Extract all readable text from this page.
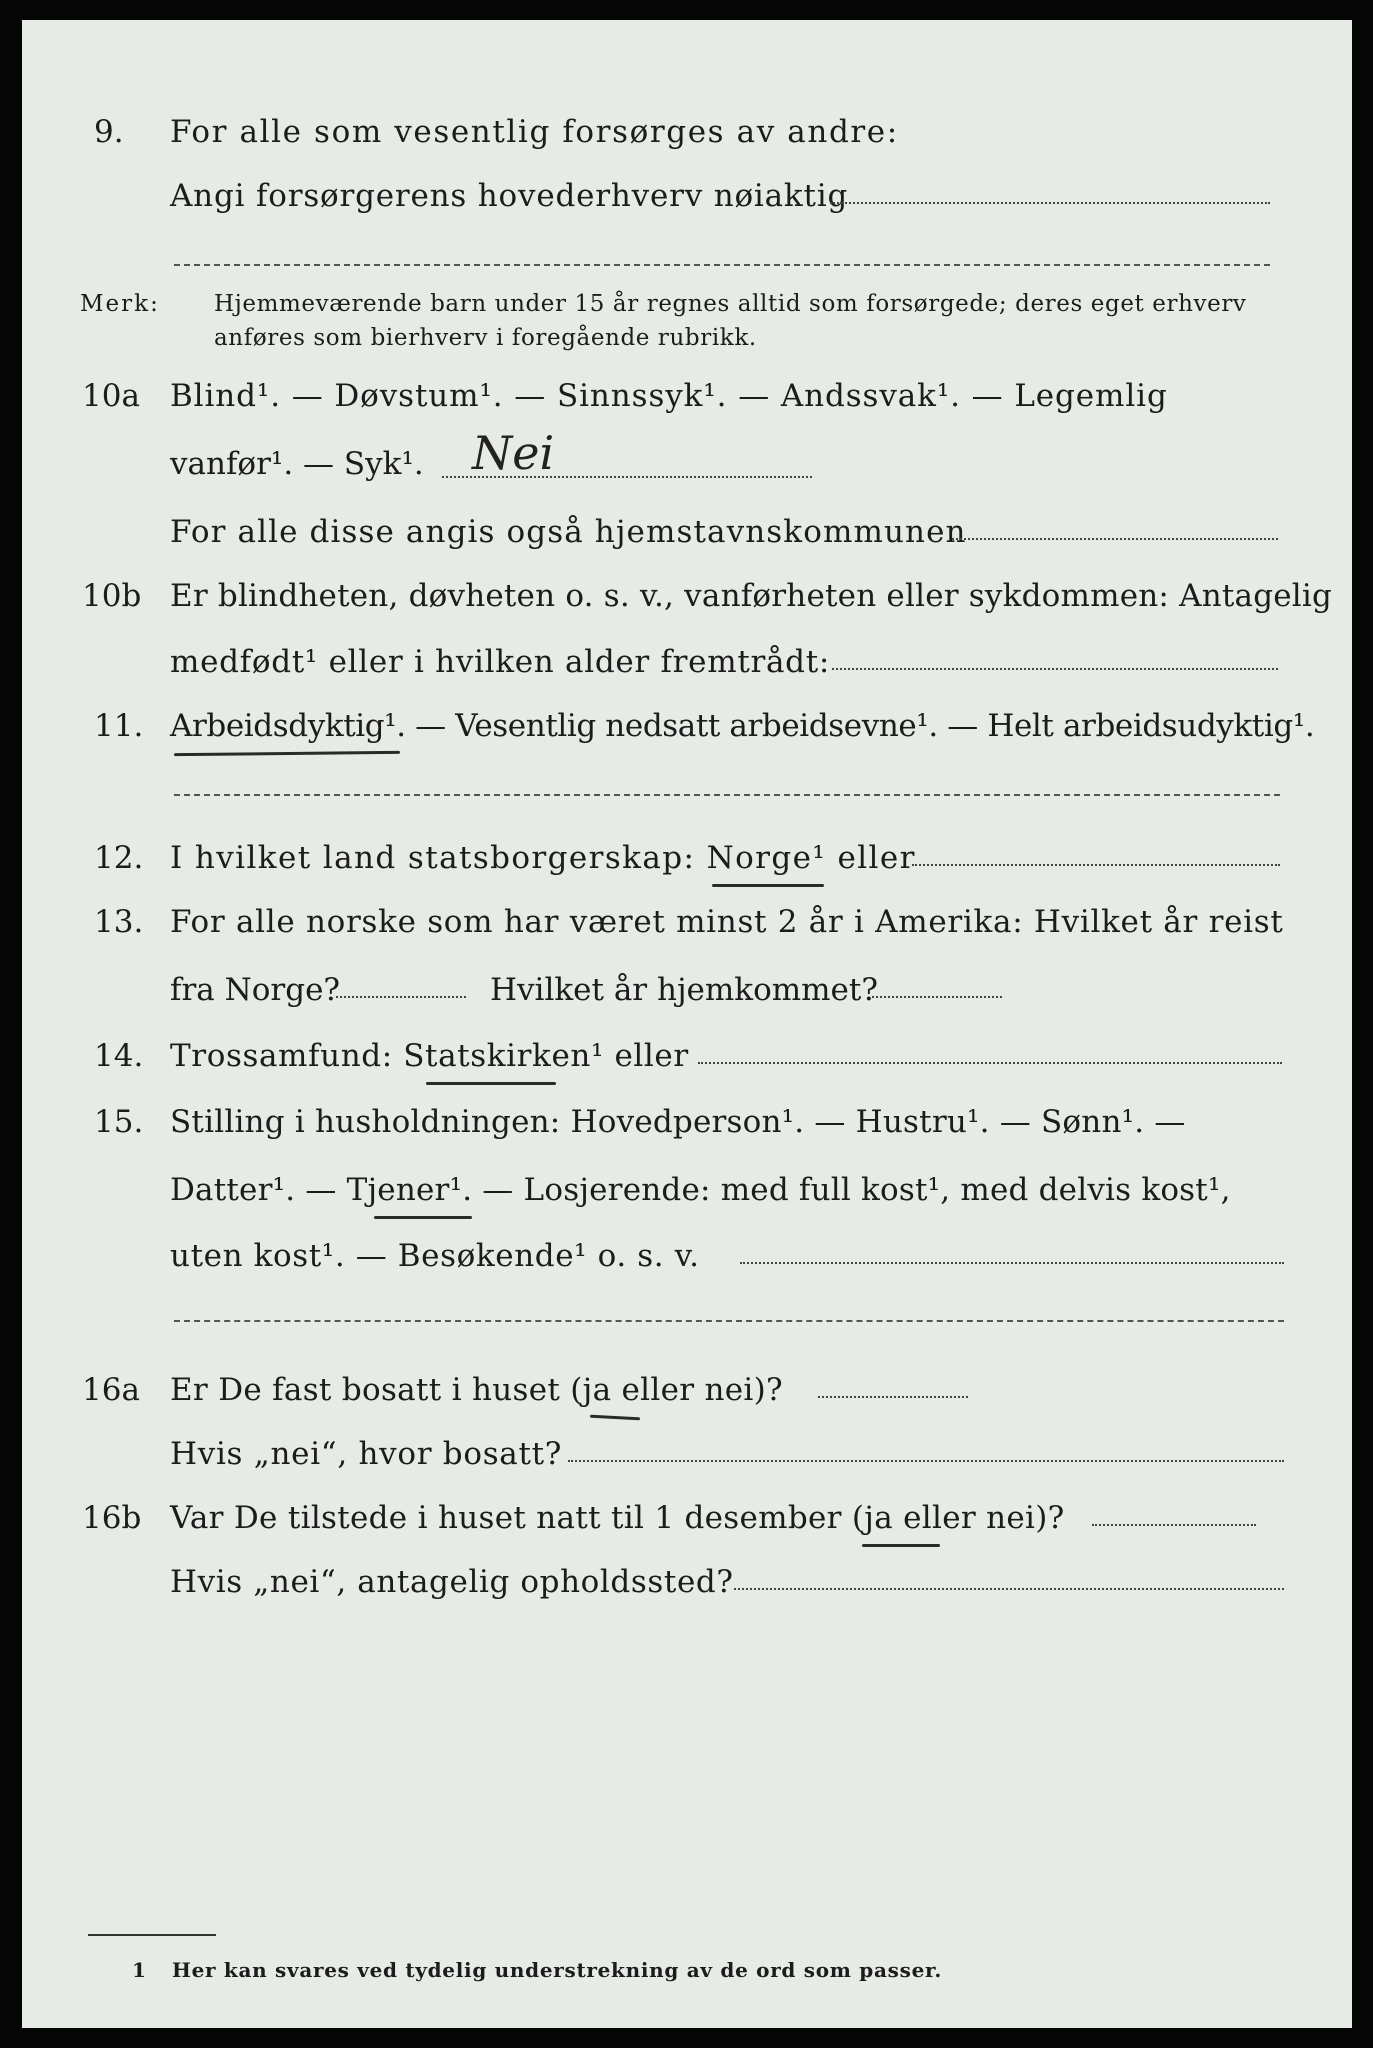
9. For alle som vesentlig forsørges av andre:
Angi forsørgerens hovederhverv nøiaktig
Merk: Hjemmeværende barn under 15 år regnes alltid som forsørgede; deres eget erhverv
anføres som bierhverv i foregående rubrikk.
10a Blind¹. — Døvstum¹. — Sinnssyk¹. — Andssvak¹. — Legemlig
vanfør¹. — Syk¹. Nei
For alle disse angis også hjemstavnskommunen
10b Er blindheten, døvheten o. s. v., vanførheten eller sykdommen: Antagelig
medfødt¹ eller i hvilken alder fremtrådt:
11. Arbeidsdyktig¹. — Vesentlig nedsatt arbeidsevne¹. — Helt arbeidsudyktig¹.
12. I hvilket land statsborgerskap: Norge¹ eller
13. For alle norske som har været minst 2 år i Amerika: Hvilket år reist
fra Norge?	Hvilket år hjemkommet?
14. Trossamfund: Statskirken¹ eller
15. Stilling i husholdningen: Hovedperson¹. — Hustru¹. — Sønn¹. —
Datter¹. — Tjener¹. — Losjerende: med full kost¹, med delvis kost¹,
uten kost¹. — Besøkende¹ o. s. v.
16a Er De fast bosatt i huset (ja eller nei)?
Hvis „nei“, hvor bosatt?
16b Var De tilstede i huset natt til 1 desember (ja eller nei)?
Hvis „nei“, antagelig opholdssted?
1 Her kan svares ved tydelig understrekning av de ord som passer.
